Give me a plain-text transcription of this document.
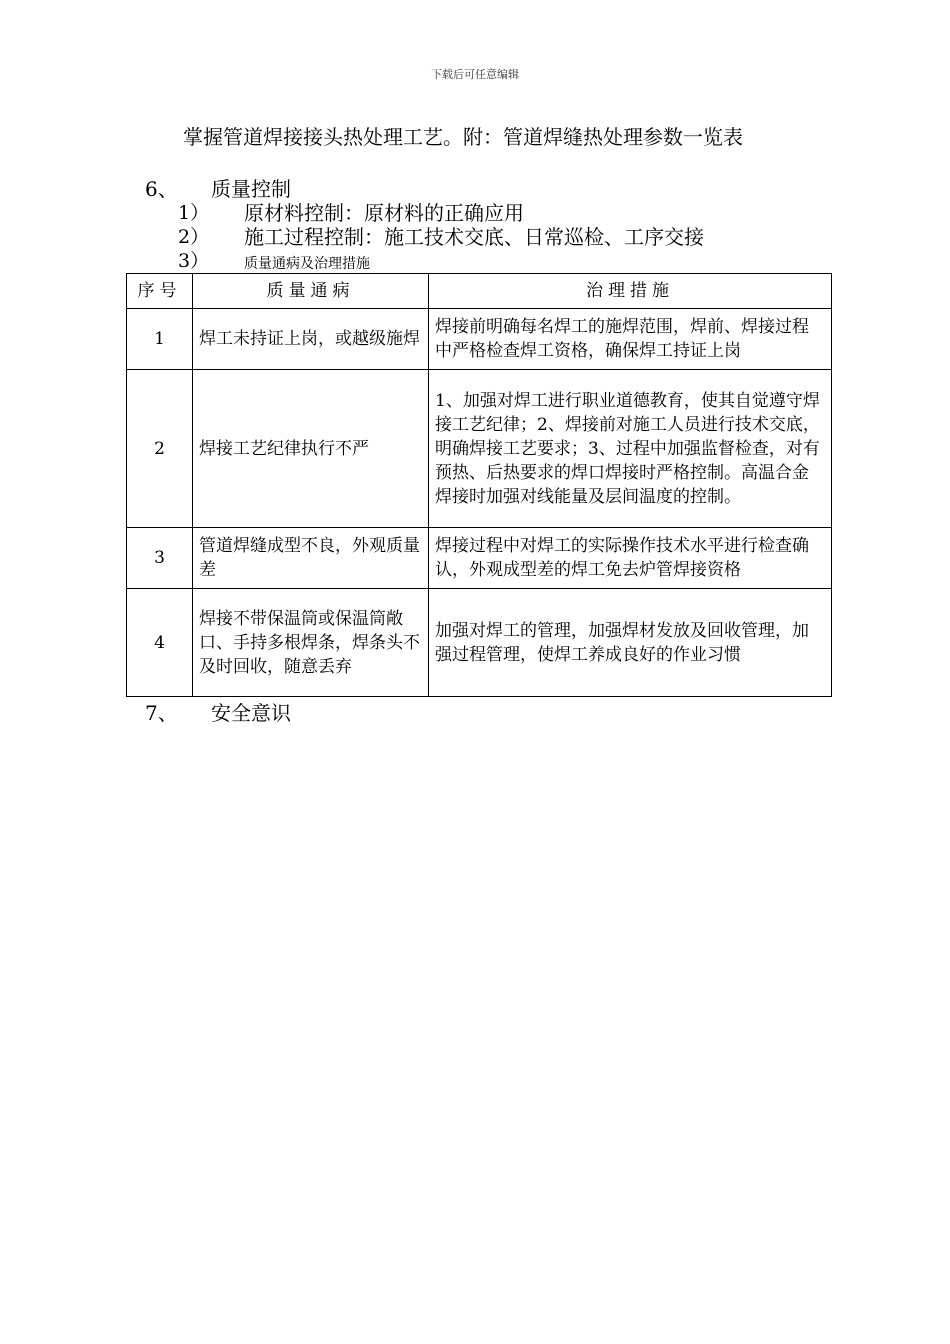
下载后可任意编辑
掌握管道焊接接头热处理工艺。附：管道焊缝热处理参数一览表
6、 质量控制
1） 原材料控制：原材料的正确应用
2） 施工过程控制：施工技术交底、日常巡检、工序交接
3） 质量通病及治理措施
序号	质量通病	治理措施
1	焊工未持证上岗，或越级施焊	焊接前明确每名焊工的施焊范围，焊前、焊接过程中严格检查焊工资格，确保焊工持证上岗
2	焊接工艺纪律执行不严	1、加强对焊工进行职业道德教育，使其自觉遵守焊接工艺纪律；2、焊接前对施工人员进行技术交底，明确焊接工艺要求；3、过程中加强监督检查，对有预热、后热要求的焊口焊接时严格控制。高温合金焊接时加强对线能量及层间温度的控制。
3	管道焊缝成型不良，外观质量差	焊接过程中对焊工的实际操作技术水平进行检查确认，外观成型差的焊工免去炉管焊接资格
4	焊接不带保温筒或保温筒敞口、手持多根焊条，焊条头不及时回收，随意丢弃	加强对焊工的管理，加强焊材发放及回收管理，加强过程管理，使焊工养成良好的作业习惯
7、 安全意识
